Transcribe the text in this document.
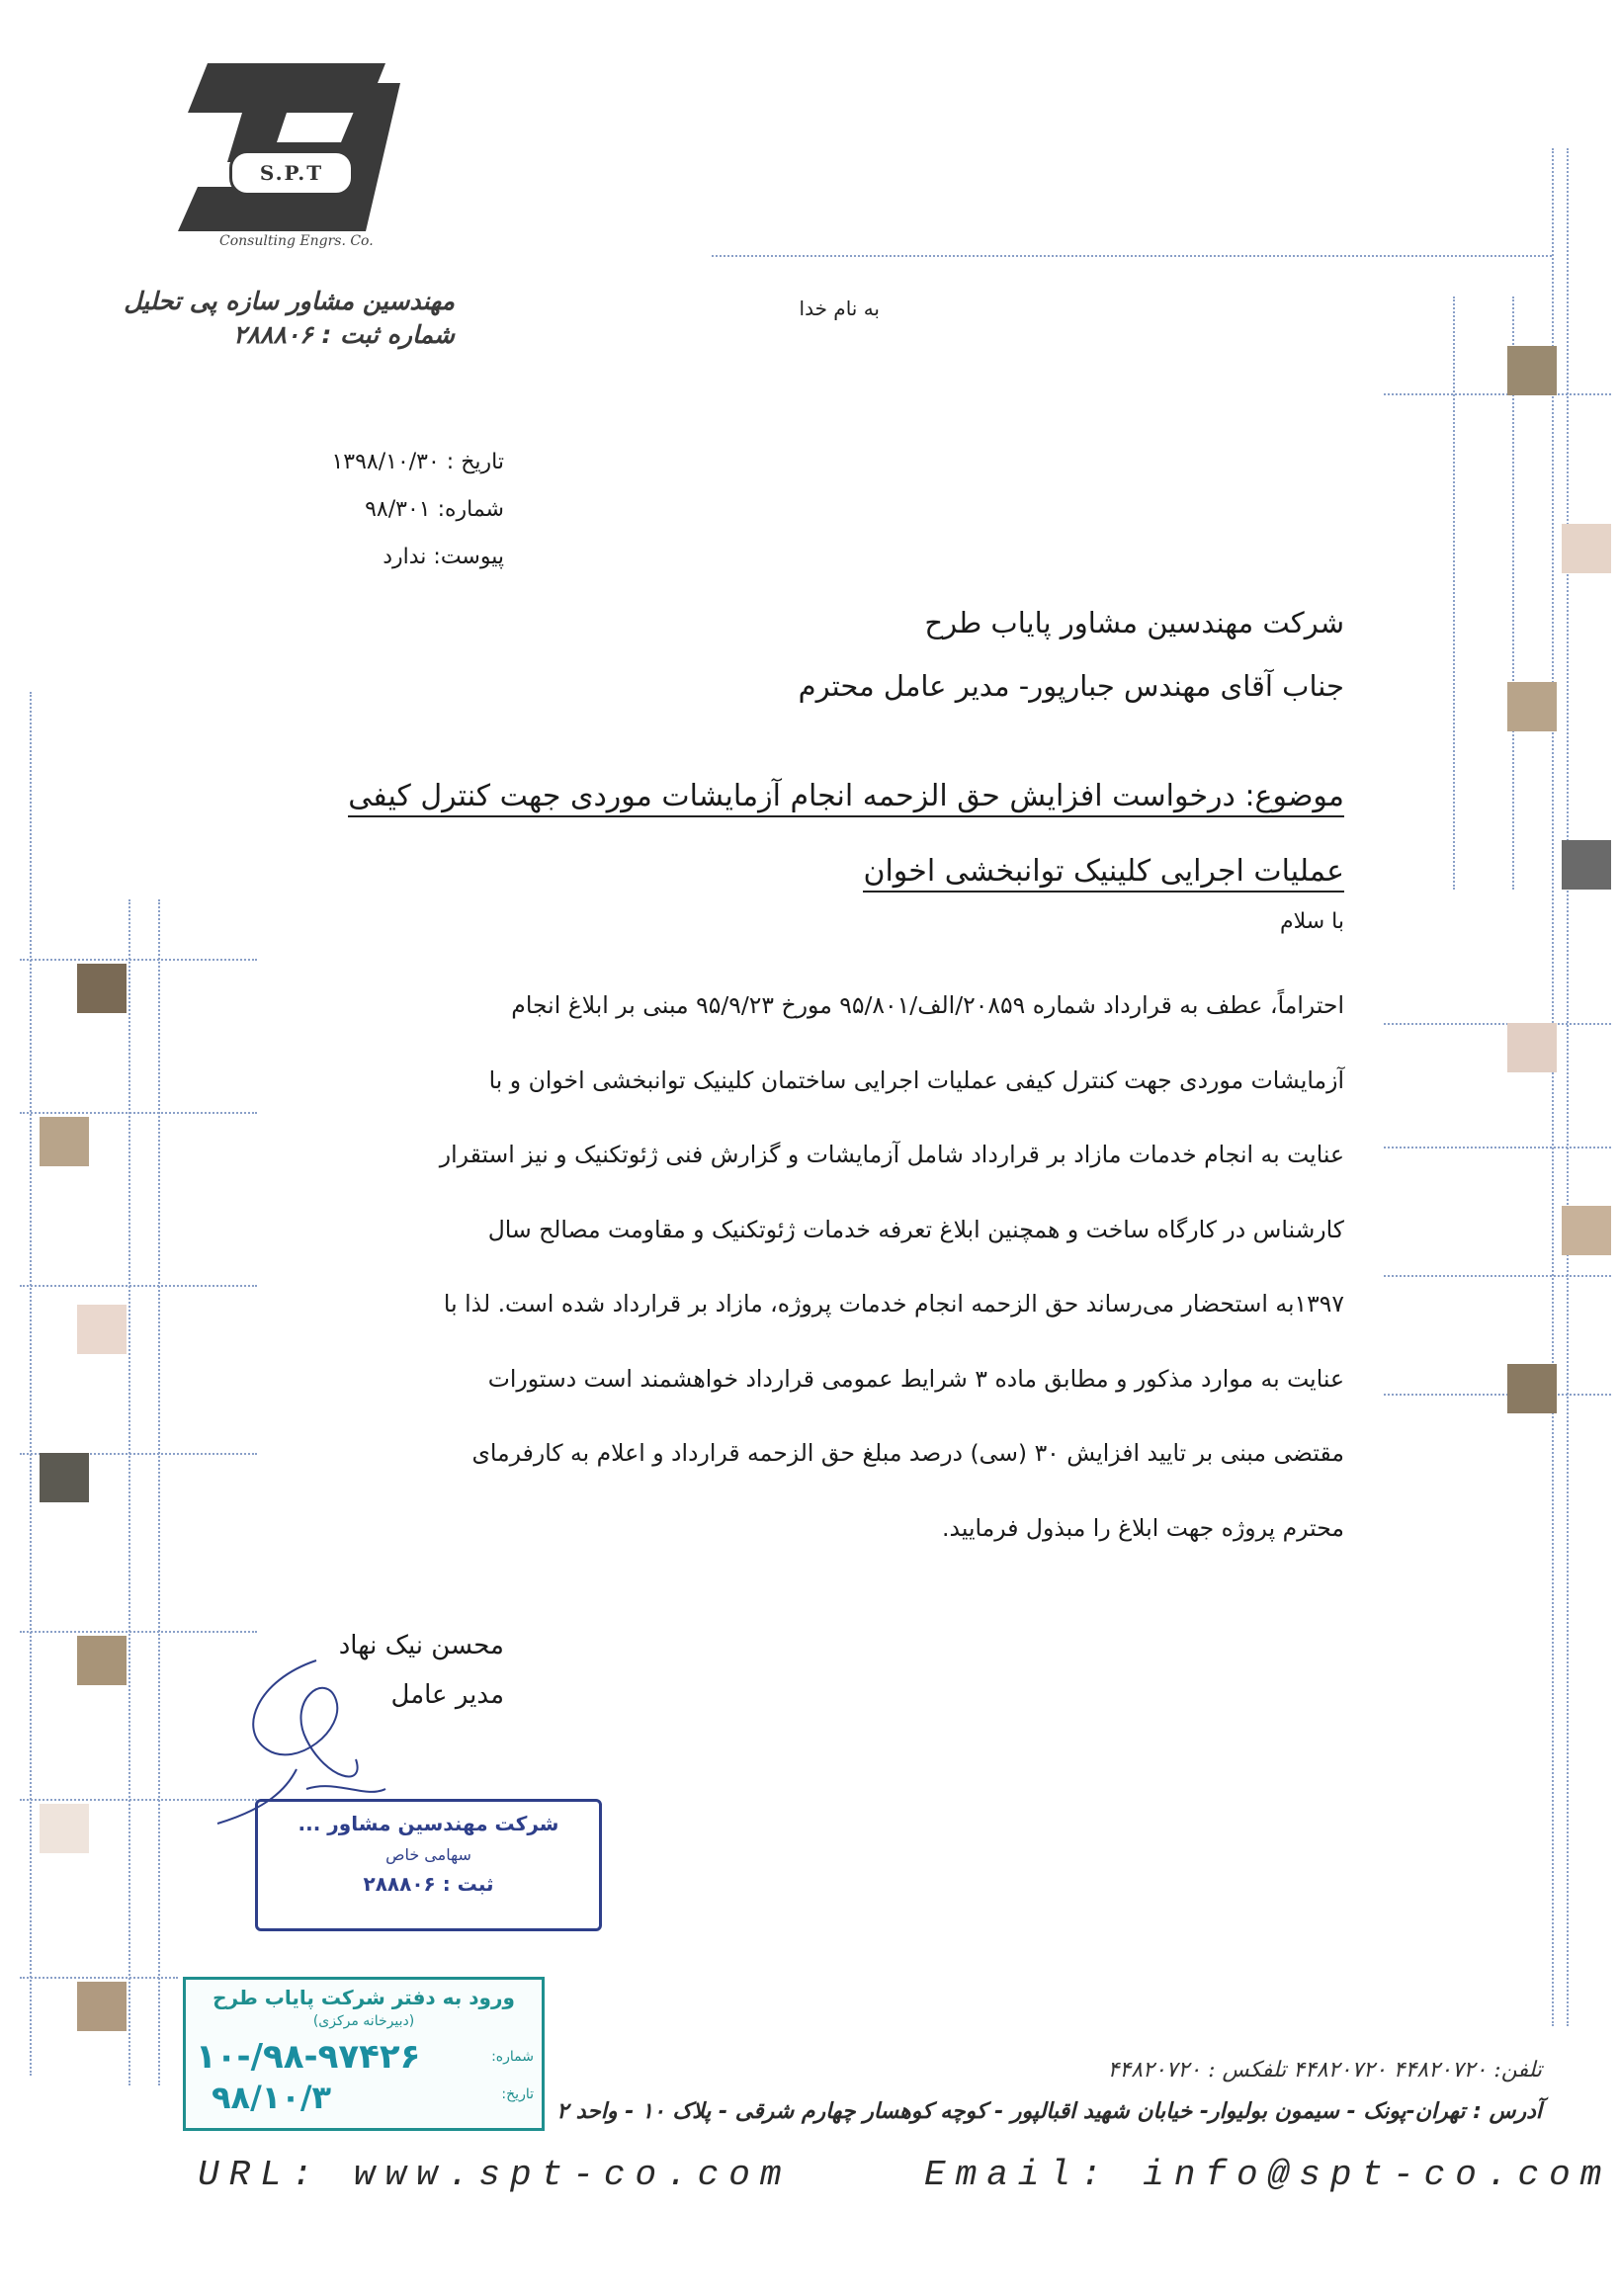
S.P.T
Consulting Engrs. Co.
مهندسین مشاور سازه پی تحلیل
شماره ثبت : ۲۸۸۸۰۶
به نام خدا
تاریخ : ۱۳۹۸/۱۰/۳۰
شماره: ۹۸/۳۰۱
پیوست: ندارد
شرکت مهندسین مشاور پایاب طرح
جناب آقای مهندس جبارپور- مدیر عامل محترم
موضوع: درخواست افزایش حق الزحمه انجام آزمایشات موردی جهت کنترل کیفی
عملیات اجرایی کلینیک توانبخشی اخوان
با سلام
احتراماً، عطف به قرارداد شماره ۲۰۸۵۹/الف/۹۵/۸۰۱ مورخ ۹۵/۹/۲۳ مبنی بر ابلاغ انجام
آزمایشات موردی جهت کنترل کیفی عملیات اجرایی ساختمان کلینیک توانبخشی اخوان و با
عنایت به انجام خدمات مازاد بر قرارداد شامل آزمایشات و گزارش فنی ژئوتکنیک و نیز استقرار
کارشناس در کارگاه ساخت و همچنین ابلاغ تعرفه خدمات ژئوتکنیک و مقاومت مصالح سال
۱۳۹۷به استحضار می‌رساند حق الزحمه انجام خدمات پروژه، مازاد بر قرارداد شده است. لذا با
عنایت به موارد مذکور و مطابق ماده ۳ شرایط عمومی قرارداد خواهشمند است دستورات
مقتضی مبنی بر تایید افزایش ۳۰ (سی) درصد مبلغ حق الزحمه قرارداد و اعلام به کارفرمای
محترم پروژه جهت ابلاغ را مبذول فرمایید.
محسن نیک نهاد
مدیر عامل
شرکت مهندسین مشاور ...
سهامی خاص
ثبت : ۲۸۸۸۰۶
ورود به دفتر شرکت پایاب طرح
(دبیرخانه مرکزی)
شماره:
تاریخ:
۱۰-/۹۸-۹۷۴۲۶
۹۸/۱۰/۳
تلفن: ۴۴۸۲۰۷۲۰ ۴۴۸۲۰۷۲۰ تلفکس : ۴۴۸۲۰۷۲۰
آدرس : تهران-پونک - سیمون بولیوار- خیابان شهید اقبالپور - کوچه کوهسار چهارم شرقی - پلاک ۱۰ - واحد ۲
URL: www.spt-co.com	Email: info@spt-co.com
